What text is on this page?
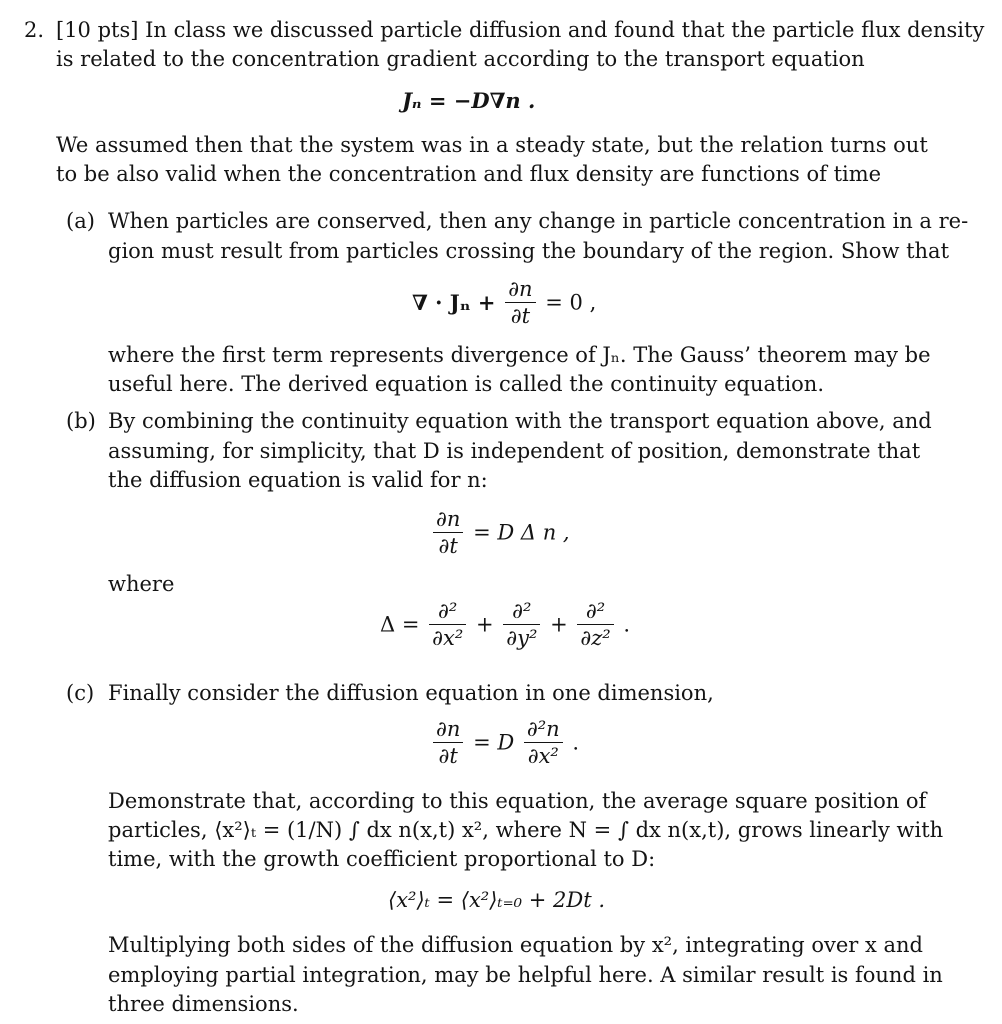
2. [10 pts] In class we discussed particle diffusion and found that the particle flux density
is related to the concentration gradient according to the transport equation
Jₙ = −D∇n .
We assumed then that the system was in a steady state, but the relation turns out
to be also valid when the concentration and flux density are functions of time
(a) When particles are conserved, then any change in particle concentration in a re-
gion must result from particles crossing the boundary of the region. Show that
∇ · $J_n + \frac{\partial n}{\partial t} = 0$ ,
where the first term represents divergence of Jₙ. The Gauss’ theorem may be
useful here. The derived equation is called the continuity equation.
(b) By combining the continuity equation with the transport equation above, and
assuming, for simplicity, that D is independent of position, demonstrate that
the diffusion equation is valid for n:
$\frac{\partial n}{\partial t} = D$ Δ n ,
where
$\Delta = \frac{\text{∂²}}{\text{∂x²}} + \frac{\text{∂²}}{\text{∂y²}} + \frac{\text{∂²}}{\text{∂z²}}$ .
(c) Finally consider the diffusion equation in one dimension,
$\frac{\partial n}{\partial t} = D \frac{\text{∂²n}}{\text{∂x²}}$ .
Demonstrate that, according to this equation, the average square position of
particles, ⟨x²⟩ₜ = (1/N) ∫ dx n(x,t) x², where N = ∫ dx n(x,t), grows linearly with
time, with the growth coefficient proportional to D:
⟨x²⟩ₜ = ⟨x²⟩ₜ₌₀ + 2Dt .
Multiplying both sides of the diffusion equation by x², integrating over x and
employing partial integration, may be helpful here. A similar result is found in
three dimensions.
